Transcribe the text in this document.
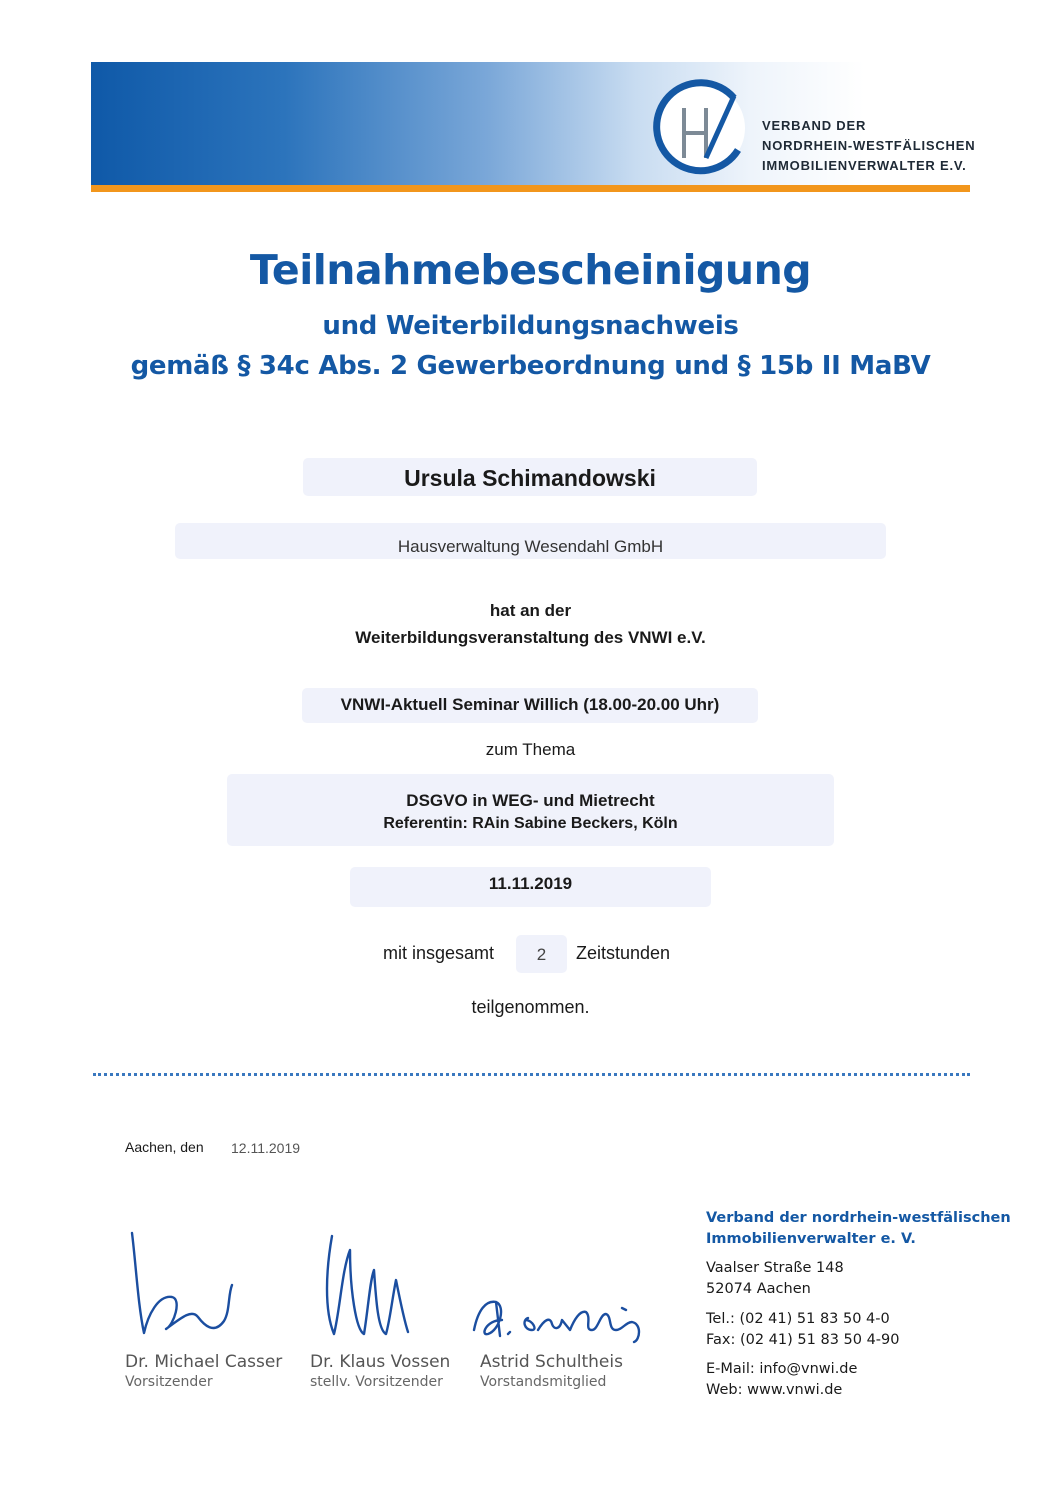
VERBAND DER
NORDRHEIN-WESTFÄLISCHEN
IMMOBILIENVERWALTER E.V.
Teilnahmebescheinigung
und Weiterbildungsnachweis
gemäß § 34c Abs. 2 Gewerbeordnung und § 15b II MaBV
Ursula Schimandowski
Hausverwaltung Wesendahl GmbH
hat an der
Weiterbildungsveranstaltung des VNWI e.V.
VNWI-Aktuell Seminar Willich (18.00-20.00 Uhr)
zum Thema
DSGVO in WEG- und Mietrecht
Referentin: RAin Sabine Beckers, Köln
11.11.2019
mit insgesamt	2	Zeitstunden
teilgenommen.
Aachen, den 12.11.2019
Dr. Michael Casser
Vorsitzender
Dr. Klaus Vossen
stellv. Vorsitzender
Astrid Schultheis
Vorstandsmitglied
Verband der nordrhein-westfälischen
Immobilienverwalter e. V.
Vaalser Straße 148
52074 Aachen
Tel.: (02 41) 51 83 50 4-0
Fax: (02 41) 51 83 50 4-90
E-Mail: info@vnwi.de
Web: www.vnwi.de
